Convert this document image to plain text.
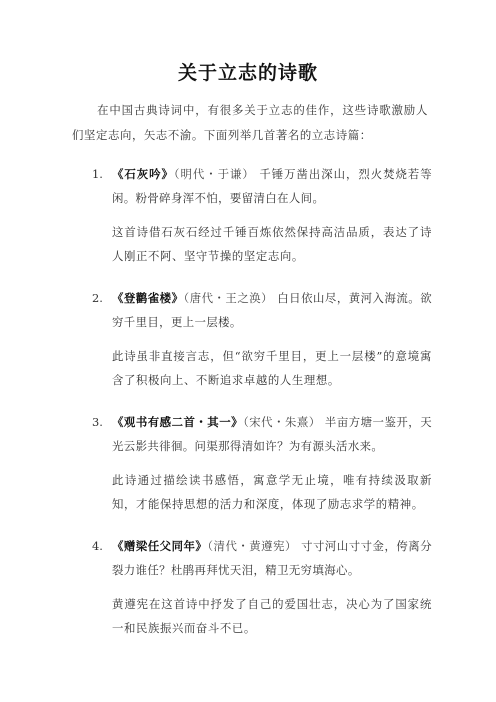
关于立志的诗歌

在中国古典诗词中，有很多关于立志的佳作，这些诗歌激励人们坚定志向，矢志不渝。下面列举几首著名的立志诗篇：

1. 《石灰吟》（明代・于谦） 千锤万凿出深山，烈火焚烧若等闲。粉骨碎身浑不怕，要留清白在人间。
这首诗借石灰石经过千锤百炼依然保持高洁品质，表达了诗人刚正不阿、坚守节操的坚定志向。
2. 《登鹳雀楼》（唐代・王之涣） 白日依山尽，黄河入海流。欲穷千里目，更上一层楼。
此诗虽非直接言志，但“欲穷千里目，更上一层楼”的意境寓含了积极向上、不断追求卓越的人生理想。
3. 《观书有感二首・其一》（宋代・朱熹） 半亩方塘一鉴开，天光云影共徘徊。问渠那得清如许？为有源头活水来。
此诗通过描绘读书感悟，寓意学无止境，唯有持续汲取新知，才能保持思想的活力和深度，体现了励志求学的精神。
4. 《赠梁任父同年》（清代・黄遵宪） 寸寸河山寸寸金，侉离分裂力谁任？杜鹃再拜忧天泪，精卫无穷填海心。
黄遵宪在这首诗中抒发了自己的爱国壮志，决心为了国家统一和民族振兴而奋斗不已。
